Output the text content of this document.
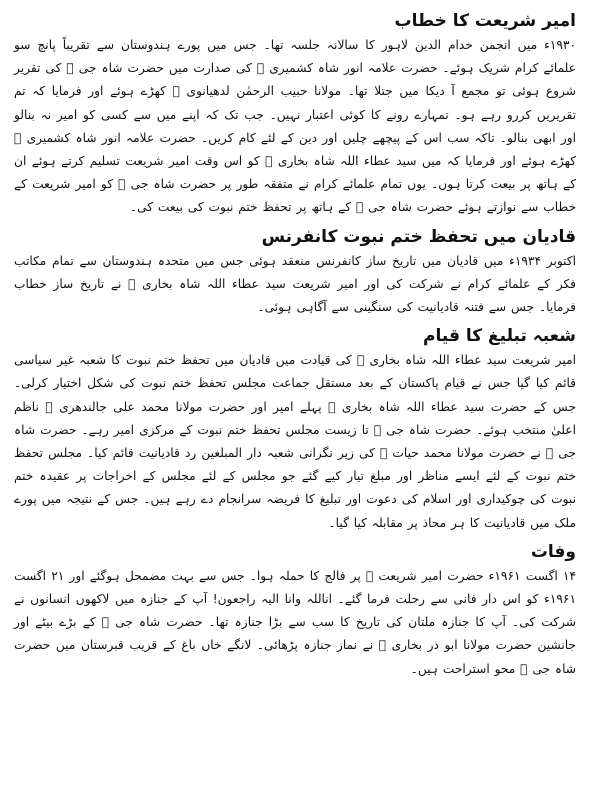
امیر شریعت کا خطاب

۱۹۳۰ء میں انجمن خدام الدین لاہور کا سالانہ جلسہ تھا۔ جس میں پورے ہندوستان سے تقریباً پانچ سو علمائے کرام شریک ہوئے۔ حضرت علامہ انور شاہ کشمیری ﷫ کی صدارت میں حضرت شاہ جی ﷫ کی تقریر شروع ہوئی تو مجمع آ دیکا میں جتلا تھا۔ مولانا حبیب الرحمٰن لدھیانوی ﷫ کھڑے ہوئے اور فرمایا کہ تم تقریریں کررو رہے ہو۔ تمہارے رونے کا کوئی اعتبار نہیں۔ جب تک کہ اپنے میں سے کسی کو امیر نہ بنالو اور ابھی بنالو۔ تاکہ سب اس کے پیچھے چلیں اور دین کے لئے کام کریں۔ حضرت علامہ انور شاہ کشمیری ﷫ کھڑے ہوئے اور فرمایا کہ میں سید عطاء اللہ شاہ بخاری ﷫ کو اس وقت امیر شریعت تسلیم کرتے ہوئے ان کے ہاتھ پر بیعت کرتا ہوں۔ یوں تمام علمائے کرام نے متفقہ طور پر حضرت شاہ جی ﷫ کو امیر شریعت کے خطاب سے نوازتے ہوئے حضرت شاہ جی ﷫ کے ہاتھ پر تحفظ ختم نبوت کی بیعت کی۔

قادیان میں تحفظ ختم نبوت کانفرنس

اکتوبر ۱۹۳۴ء میں قادیان میں تاریخ ساز کانفرنس منعقد ہوئی جس میں متحدہ ہندوستان سے تمام مکاتب فکر کے علمائے کرام نے شرکت کی اور امیر شریعت سید عطاء اللہ شاہ بخاری ﷫ نے تاریخ ساز خطاب فرمایا۔ جس سے فتنہ قادیانیت کی سنگینی سے آگاہی ہوئی۔

شعبہ تبلیغ کا قیام

امیر شریعت سید عطاء اللہ شاہ بخاری ﷫ کی قیادت میں قادیان میں تحفظ ختم نبوت کا شعبہ غیر سیاسی قائم کیا گیا جس نے قیام پاکستان کے بعد مستقل جماعت مجلس تحفظ ختم نبوت کی شکل اختیار کرلی۔ جس کے حضرت سید عطاء اللہ شاہ بخاری ﷫ پہلے امیر اور حضرت مولانا محمد علی جالندھری ﷫ ناظم اعلیٰ منتخب ہوئے۔ حضرت شاہ جی ﷫ تا زیست مجلس تحفظ ختم نبوت کے مرکزی امیر رہے۔ حضرت شاہ جی ﷫ نے حضرت مولانا محمد حیات ﷫ کی زیر نگرانی شعبہ دار المبلغین رد قادیانیت قائم کیا۔ مجلس تحفظ ختم نبوت کے لئے ایسے مناظر اور مبلغ تیار کیے گئے جو مجلس کے لئے مجلس کے اخراجات پر عقیدہ ختم نبوت کی چوکیداری اور اسلام کی دعوت اور تبلیغ کا فریضہ سرانجام دے رہے ہیں۔ جس کے نتیجہ میں پورے ملک میں قادیانیت کا ہر محاذ پر مقابلہ کیا گیا۔

وفات

۱۴ اگست ۱۹۶۱ء حضرت امیر شریعت ﷫ پر فالج کا حملہ ہوا۔ جس سے بہت مضمحل ہوگئے اور ۲۱ اگست ۱۹۶۱ء کو اس دار فانی سے رحلت فرما گئے۔ اناللہ وانا الیہ راجعون! آپ کے جنازہ میں لاکھوں انسانوں نے شرکت کی۔ آپ کا جنازہ ملتان کی تاریخ کا سب سے بڑا جنازہ تھا۔ حضرت شاہ جی ﷫ کے بڑے بیٹے اور جانشین حضرت مولانا ابو ذر بخاری ﷫ نے نماز جنازہ پڑھائی۔ لانگے خاں باغ کے قریب قبرستان میں حضرت شاہ جی ﷫ محو استراحت ہیں۔
